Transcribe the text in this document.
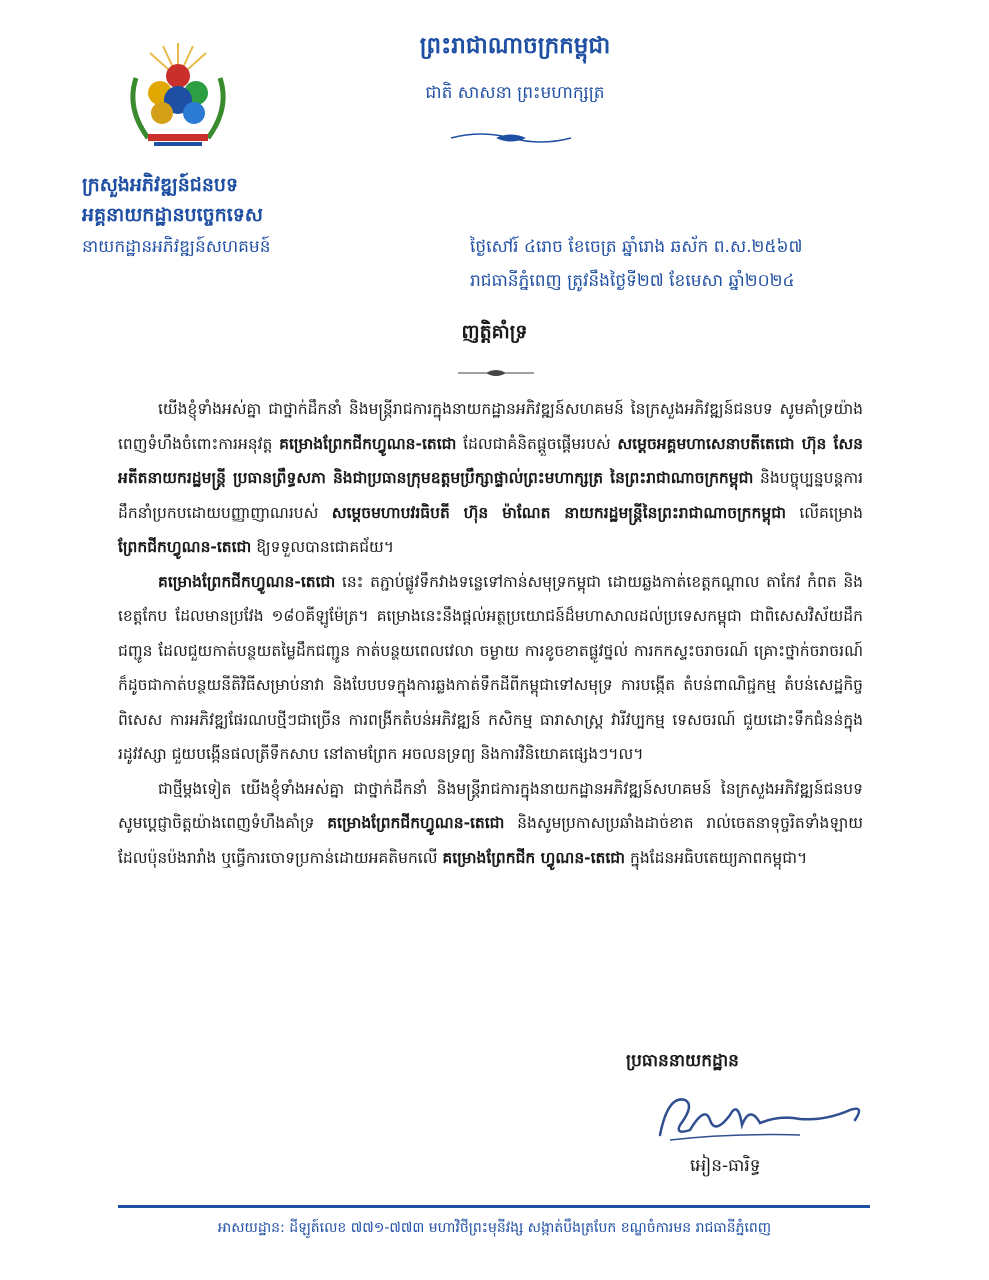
ក្រសួងអភិវឌ្ឍន៍ជនបទ
អគ្គនាយកដ្ឋានបច្ចេកទេស
នាយកដ្ឋានអភិវឌ្ឍន៍សហគមន៍
ព្រះរាជាណាចក្រកម្ពុជា
ជាតិ សាសនា ព្រះមហាក្សត្រ
ថ្ងៃសៅរ៍ ៤រោច ខែចេត្រ ឆ្នាំរោង ឆស័ក ព.ស.២៥៦៧
រាជធានីភ្នំពេញ ត្រូវនឹងថ្ងៃទី២៧ ខែមេសា ឆ្នាំ២០២៤
ញត្តិគាំទ្រ

យើងខ្ញុំទាំងអស់គ្នា ជាថ្នាក់ដឹកនាំ និងមន្ត្រីរាជការក្នុងនាយកដ្ឋានអភិវឌ្ឍន៍សហគមន៍ នៃក្រសួងអភិវឌ្ឍន៍ជនបទ សូមគាំទ្រយ៉ាងពេញទំហឹងចំពោះការអនុវត្ត គម្រោងព្រែកជីកហ្វូណន-តេជោ ដែលជាគំនិតផ្តួចផ្តើមរបស់ សម្តេចអគ្គមហាសេនាបតីតេជោ ហ៊ុន សែន អតីតនាយករដ្ឋមន្ត្រី ប្រធានព្រឹទ្ធសភា និងជាប្រធានក្រុមឧត្តមប្រឹក្សាផ្ទាល់ព្រះមហាក្សត្រ នៃព្រះរាជាណាចក្រកម្ពុជា និងបច្ចុប្បន្នបន្តការដឹកនាំប្រកបដោយបញ្ញាញាណរបស់ សម្តេចមហាបវរធិបតី ហ៊ុន ម៉ាណែត នាយករដ្ឋមន្ត្រីនៃព្រះរាជាណាចក្រកម្ពុជា លើគម្រោង ព្រែកជីកហ្វូណន-តេជោ ឱ្យទទួលបានជោគជ័យ។

គម្រោងព្រែកជីកហ្វូណន-តេជោ នេះ តភ្ជាប់ផ្លូវទឹកវាងទន្លេទៅកាន់សមុទ្រកម្ពុជា ដោយឆ្លងកាត់ខេត្តកណ្តាល តាកែវ កំពត និងខេត្តកែប ដែលមានប្រវែង ១៨០គីឡូម៉ែត្រ។ គម្រោងនេះនឹងផ្តល់អត្ថប្រយោជន៍ដ៏មហាសាលដល់ប្រទេសកម្ពុជា ជាពិសេសវិស័យដឹកជញ្ជូន ដែលជួយកាត់បន្ថយតម្លៃដឹកជញ្ជូន កាត់បន្ថយពេលវេលា ចម្ងាយ ការខូចខាតផ្លូវថ្នល់ ការកកស្ទះចរាចរណ៍ គ្រោះថ្នាក់ចរាចរណ៍ ក៏ដូចជាកាត់បន្ថយនីតិវិធីសម្រាប់នាវា និងបែបបទក្នុងការឆ្លងកាត់ទឹកដីពីកម្ពុជាទៅសមុទ្រ ការបង្កើត តំបន់ពាណិជ្ជកម្ម តំបន់សេដ្ឋកិច្ចពិសេស ការអភិវឌ្ឍផែរណបថ្មីៗជាច្រើន ការពង្រីកតំបន់អភិវឌ្ឍន៍ កសិកម្ម ធារាសាស្ត្រ វារីវប្បកម្ម ទេសចរណ៍ ជួយដោះទឹកជំនន់ក្នុងរដូវវស្សា ជួយបង្កើនផលត្រីទឹកសាប នៅតាមព្រែក អចលនទ្រព្យ និងការវិនិយោគផ្សេងៗ។ល។

ជាថ្មីម្តងទៀត យើងខ្ញុំទាំងអស់គ្នា ជាថ្នាក់ដឹកនាំ និងមន្ត្រីរាជការក្នុងនាយកដ្ឋានអភិវឌ្ឍន៍សហគមន៍ នៃក្រសួងអភិវឌ្ឍន៍ជនបទ សូមប្តេជ្ញាចិត្តយ៉ាងពេញទំហឹងគាំទ្រ គម្រោងព្រែកជីកហ្វូណន-តេជោ និងសូមប្រកាសប្រឆាំងដាច់ខាត រាល់ចេតនាទុច្ចរិតទាំងឡាយដែលប៉ុនប៉ងរារាំង ឬធ្វើការចោទប្រកាន់ដោយអគតិមកលើ គម្រោងព្រែកជីក ហ្វូណន-តេជោ ក្នុងដែនអធិបតេយ្យភាពកម្ពុជា។

ប្រធាននាយកដ្ឋាន
អៀន-ធារិទ្ធ
អាសយដ្ឋាន: ដីឡូត៍លេខ ៧៧១-៧៧៣ មហាវិថីព្រះមុនីវង្ស សង្កាត់បឹងត្របែក ខណ្ឌចំការមន រាជធានីភ្នំពេញ
